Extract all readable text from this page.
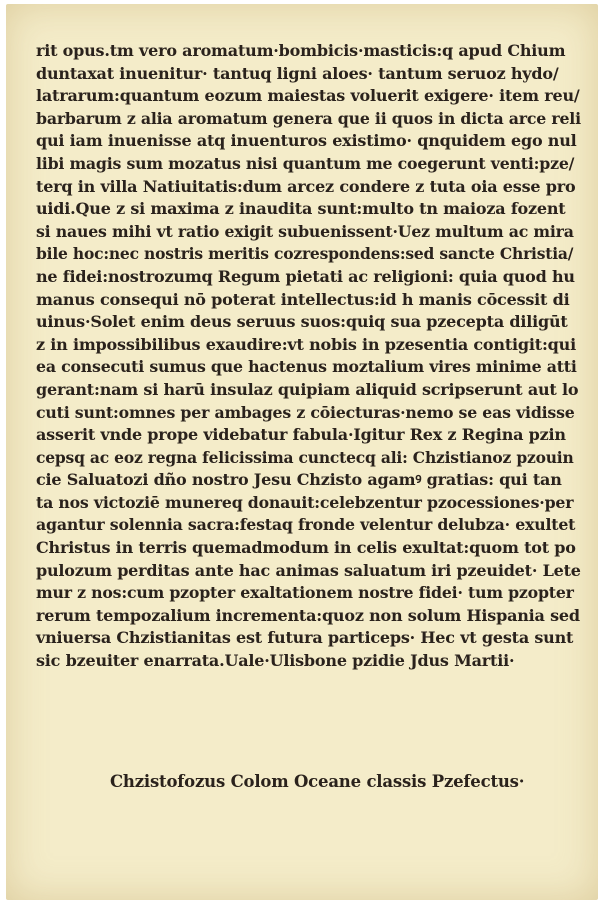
rit opus.tm vero aromatum·bombicis·masticis:q apud Chium
duntaxat inuenitur· tantuq ligni aloes· tantum seruoz hydo/
latrarum:quantum eozum maiestas voluerit exigere· item reu/
barbarum z alia aromatum genera que ii quos in dicta arce reli
qui iam inuenisse atq inuenturos existimo· qnquidem ego nul
libi magis sum mozatus nisi quantum me coegerunt venti:pze/
terq in villa Natiuitatis:dum arcez condere z tuta oia esse pro
uidi.Que z si maxima z inaudita sunt:multo tn maioza fozent
si naues mihi vt ratio exigit subuenissent·Uez multum ac mira
bile hoc:nec nostris meritis cozrespondens:sed sancte Christia/
ne fidei:nostrozumq Regum pietati ac religioni: quia quod hu
manus consequi nō poterat intellectus:id h manis cōcessit di
uinus·Solet enim deus seruus suos:quiq sua pzecepta diligūt
z in impossibilibus exaudire:vt nobis in pzesentia contigit:qui
ea consecuti sumus que hactenus moztalium vires minime atti
gerant:nam si harū insulaz quipiam aliquid scripserunt aut lo
cuti sunt:omnes per ambages z cōiecturas·nemo se eas vidisse
asserit vnde prope videbatur fabula·Igitur Rex z Regina pzin
cepsq ac eoz regna felicissima cunctecq ali: Chzistianoz pzouin
cie Saluatozi dño nostro Jesu Chzisto agamꝰ gratias: qui tan
ta nos victoziē munereq donauit:celebzentur pzocessiones·per
agantur solennia sacra:festaq fronde velentur delubza· exultet
Christus in terris quemadmodum in celis exultat:quom tot po
pulozum perditas ante hac animas saluatum iri pzeuidet· Lete
mur z nos:cum pzopter exaltationem nostre fidei· tum pzopter
rerum tempozalium incrementa:quoz non solum Hispania sed
vniuersa Chzistianitas est futura particeps· Hec vt gesta sunt
sic bzeuiter enarrata.Uale·Ulisbone pzidie Jdus Martii·
Chzistofozus Colom Oceane classis Pzefectus·
